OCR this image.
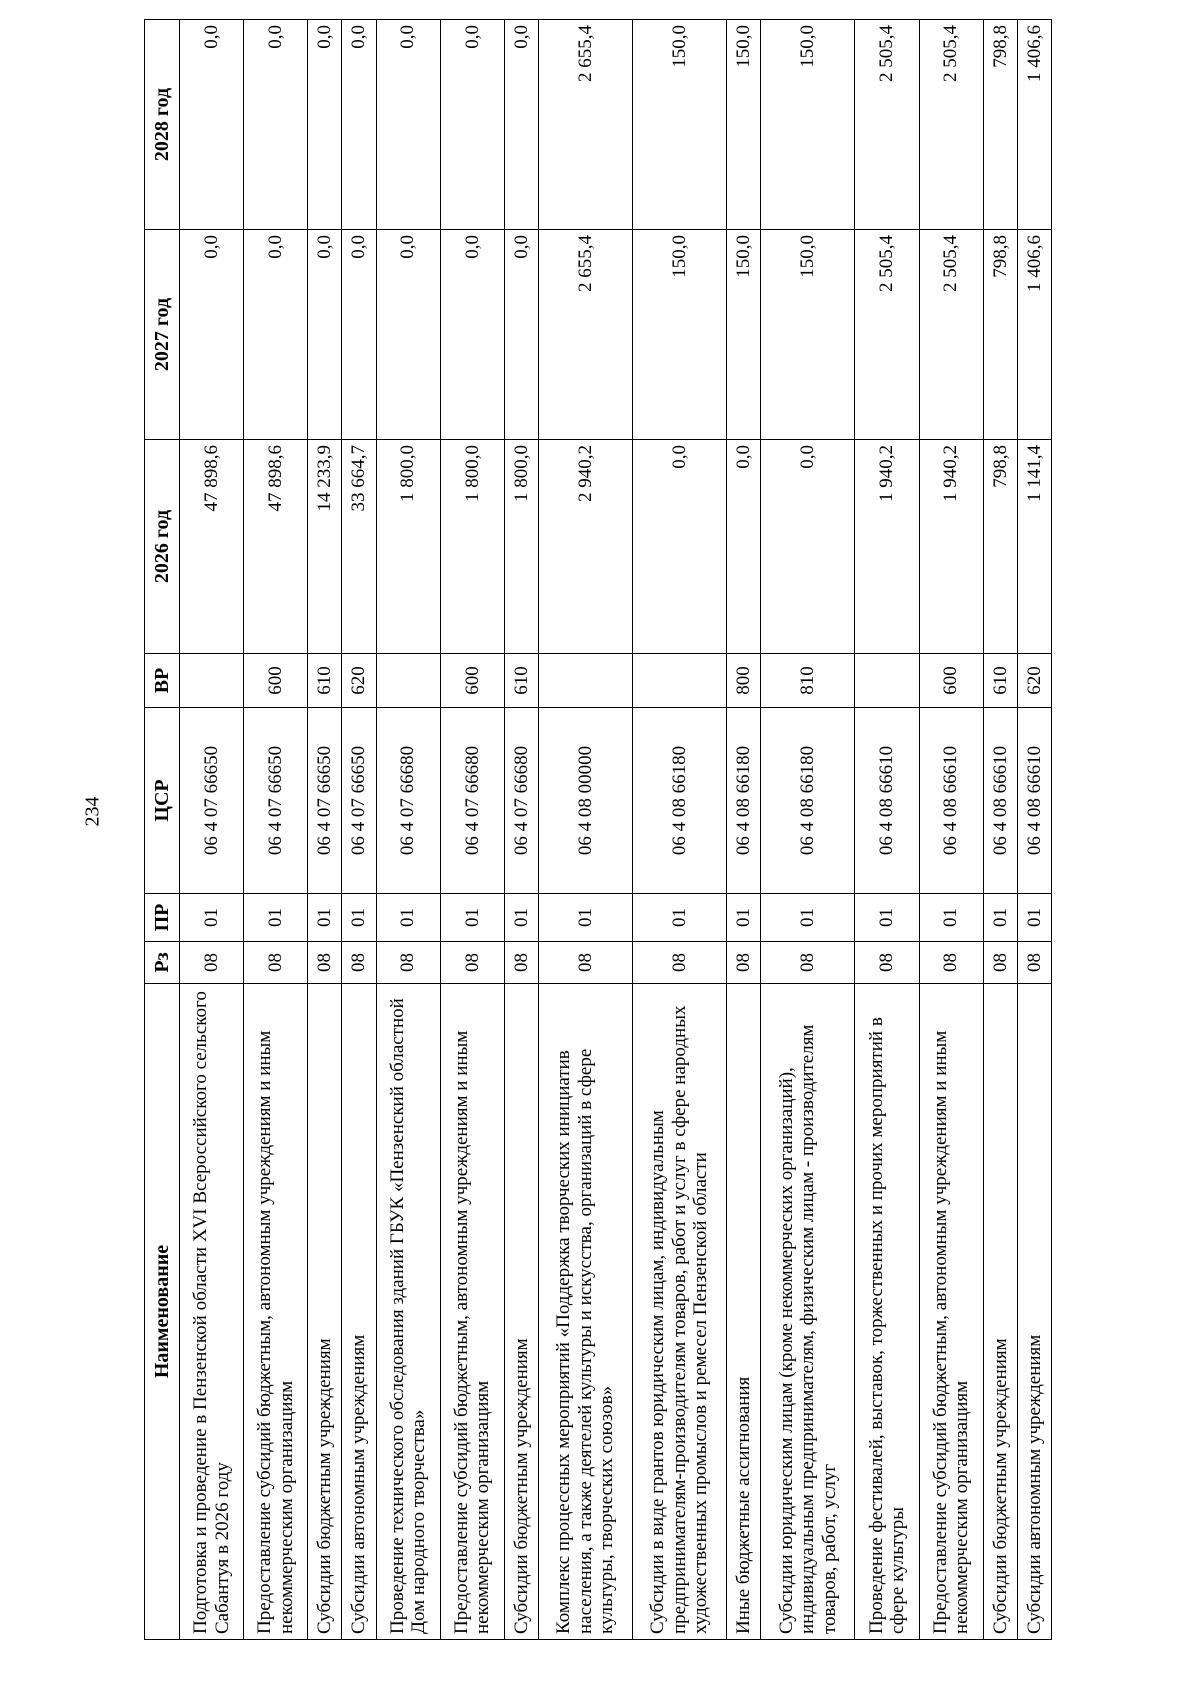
234
Наименование	Рз	ПР	ЦСР	ВР	2026 год	2027 год	2028 год
Подготовка и проведение в Пензенской области XVI Всероссийского сельского Сабантуя в 2026 году	08	01	06 4 07 66650		47 898,6	0,0	0,0
Предоставление субсидий бюджетным, автономным учреждениям и иным некоммерческим организациям	08	01	06 4 07 66650	600	47 898,6	0,0	0,0
Субсидии бюджетным учреждениям	08	01	06 4 07 66650	610	14 233,9	0,0	0,0
Субсидии автономным учреждениям	08	01	06 4 07 66650	620	33 664,7	0,0	0,0
Проведение технического обследования зданий ГБУК «Пензенский областной Дом народного творчества»	08	01	06 4 07 66680		1 800,0	0,0	0,0
Предоставление субсидий бюджетным, автономным учреждениям и иным некоммерческим организациям	08	01	06 4 07 66680	600	1 800,0	0,0	0,0
Субсидии бюджетным учреждениям	08	01	06 4 07 66680	610	1 800,0	0,0	0,0
Комплекс процессных мероприятий «Поддержка творческих инициатив населения, а также деятелей культуры и искусства, организаций в сфере культуры, творческих союзов»	08	01	06 4 08 00000		2 940,2	2 655,4	2 655,4
Субсидии в виде грантов юридическим лицам, индивидуальным предпринимателям-производителям товаров, работ и услуг в сфере народных художественных промыслов и ремесел Пензенской области	08	01	06 4 08 66180		0,0	150,0	150,0
Иные бюджетные ассигнования	08	01	06 4 08 66180	800	0,0	150,0	150,0
Субсидии юридическим лицам (кроме некоммерческих организаций), индивидуальным предпринимателям, физическим лицам - производителям товаров, работ, услуг	08	01	06 4 08 66180	810	0,0	150,0	150,0
Проведение фестивалей, выставок, торжественных и прочих мероприятий в сфере культуры	08	01	06 4 08 66610		1 940,2	2 505,4	2 505,4
Предоставление субсидий бюджетным, автономным учреждениям и иным некоммерческим организациям	08	01	06 4 08 66610	600	1 940,2	2 505,4	2 505,4
Субсидии бюджетным учреждениям	08	01	06 4 08 66610	610	798,8	798,8	798,8
Субсидии автономным учреждениям	08	01	06 4 08 66610	620	1 141,4	1 406,6	1 406,6
